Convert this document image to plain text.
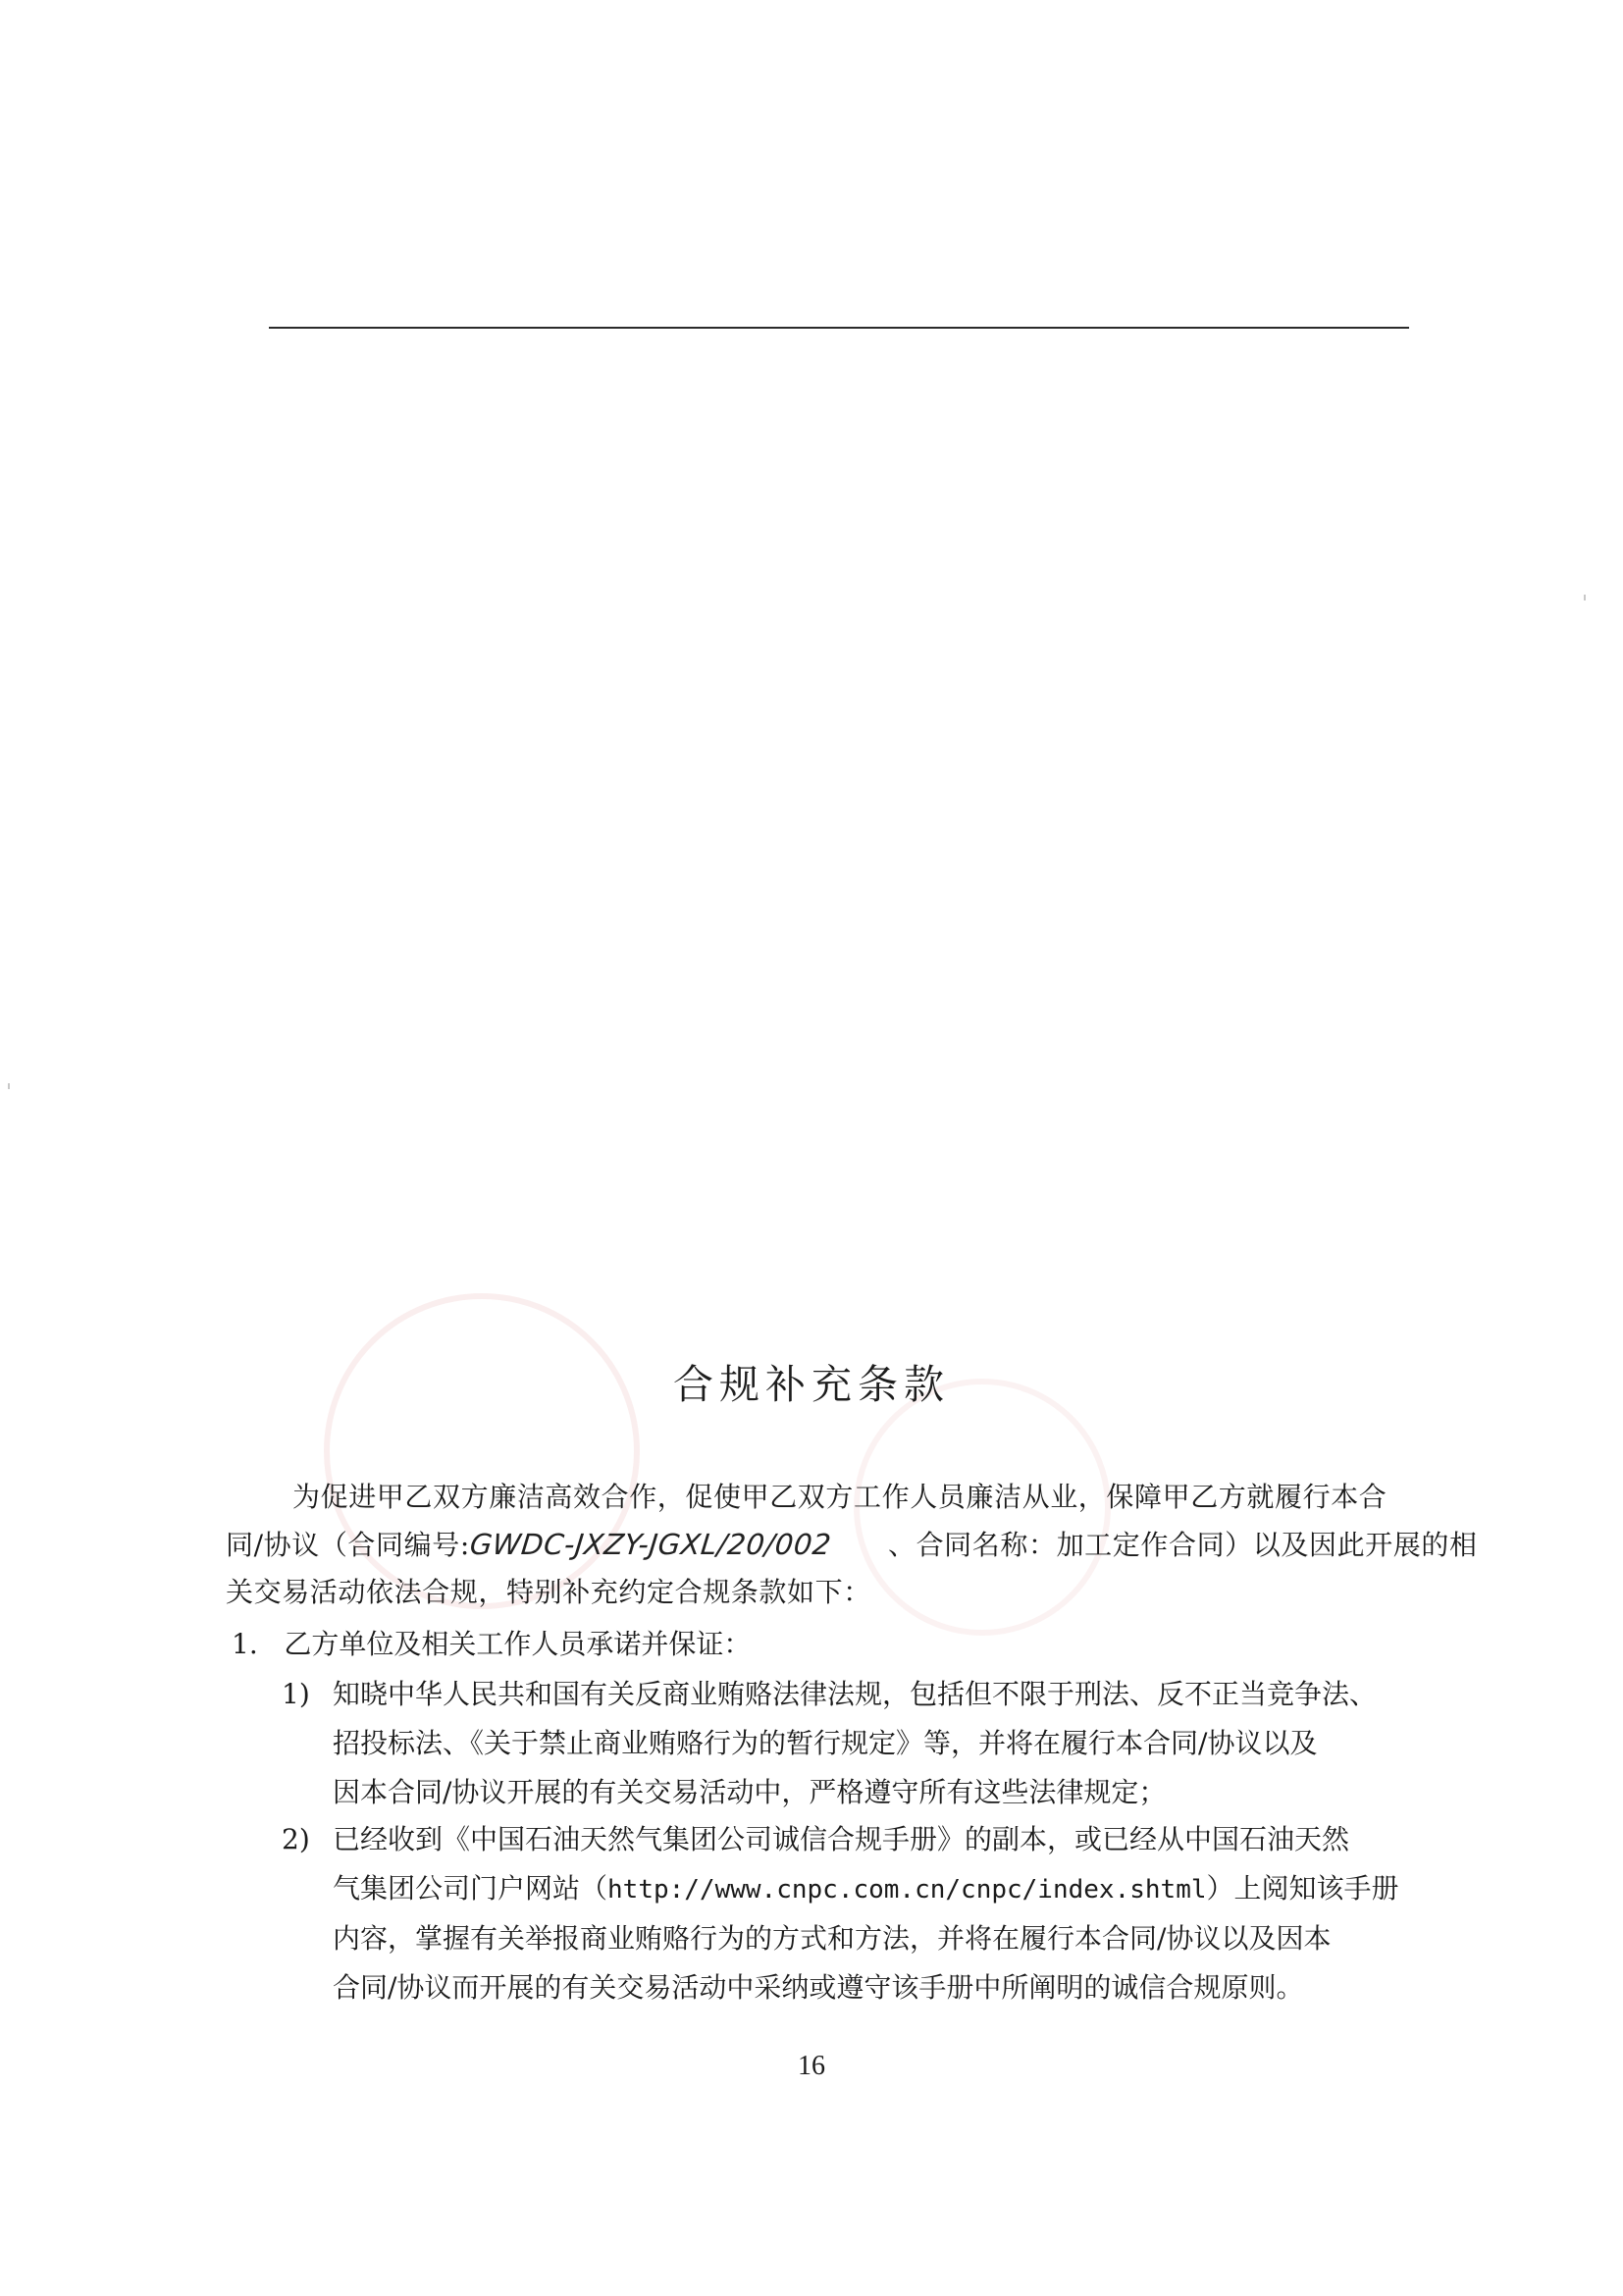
合规补充条款

为促进甲乙双方廉洁高效合作，促使甲乙双方工作人员廉洁从业，保障甲乙方就履行本合

同/协议（合同编号:GWDC-JXZY-JGXL/20/002 、合同名称：加工定作合同）以及因此开展的相

关交易活动依法合规，特别补充约定合规条款如下：

1. 乙方单位及相关工作人员承诺并保证：
1) 知晓中华人民共和国有关反商业贿赂法律法规，包括但不限于刑法、反不正当竞争法、
招投标法、《关于禁止商业贿赂行为的暂行规定》等，并将在履行本合同/协议以及
因本合同/协议开展的有关交易活动中，严格遵守所有这些法律规定；
2) 已经收到《中国石油天然气集团公司诚信合规手册》的副本，或已经从中国石油天然
气集团公司门户网站（http://www.cnpc.com.cn/cnpc/index.shtml）上阅知该手册
内容，掌握有关举报商业贿赂行为的方式和方法，并将在履行本合同/协议以及因本
合同/协议而开展的有关交易活动中采纳或遵守该手册中所阐明的诚信合规原则。
16
